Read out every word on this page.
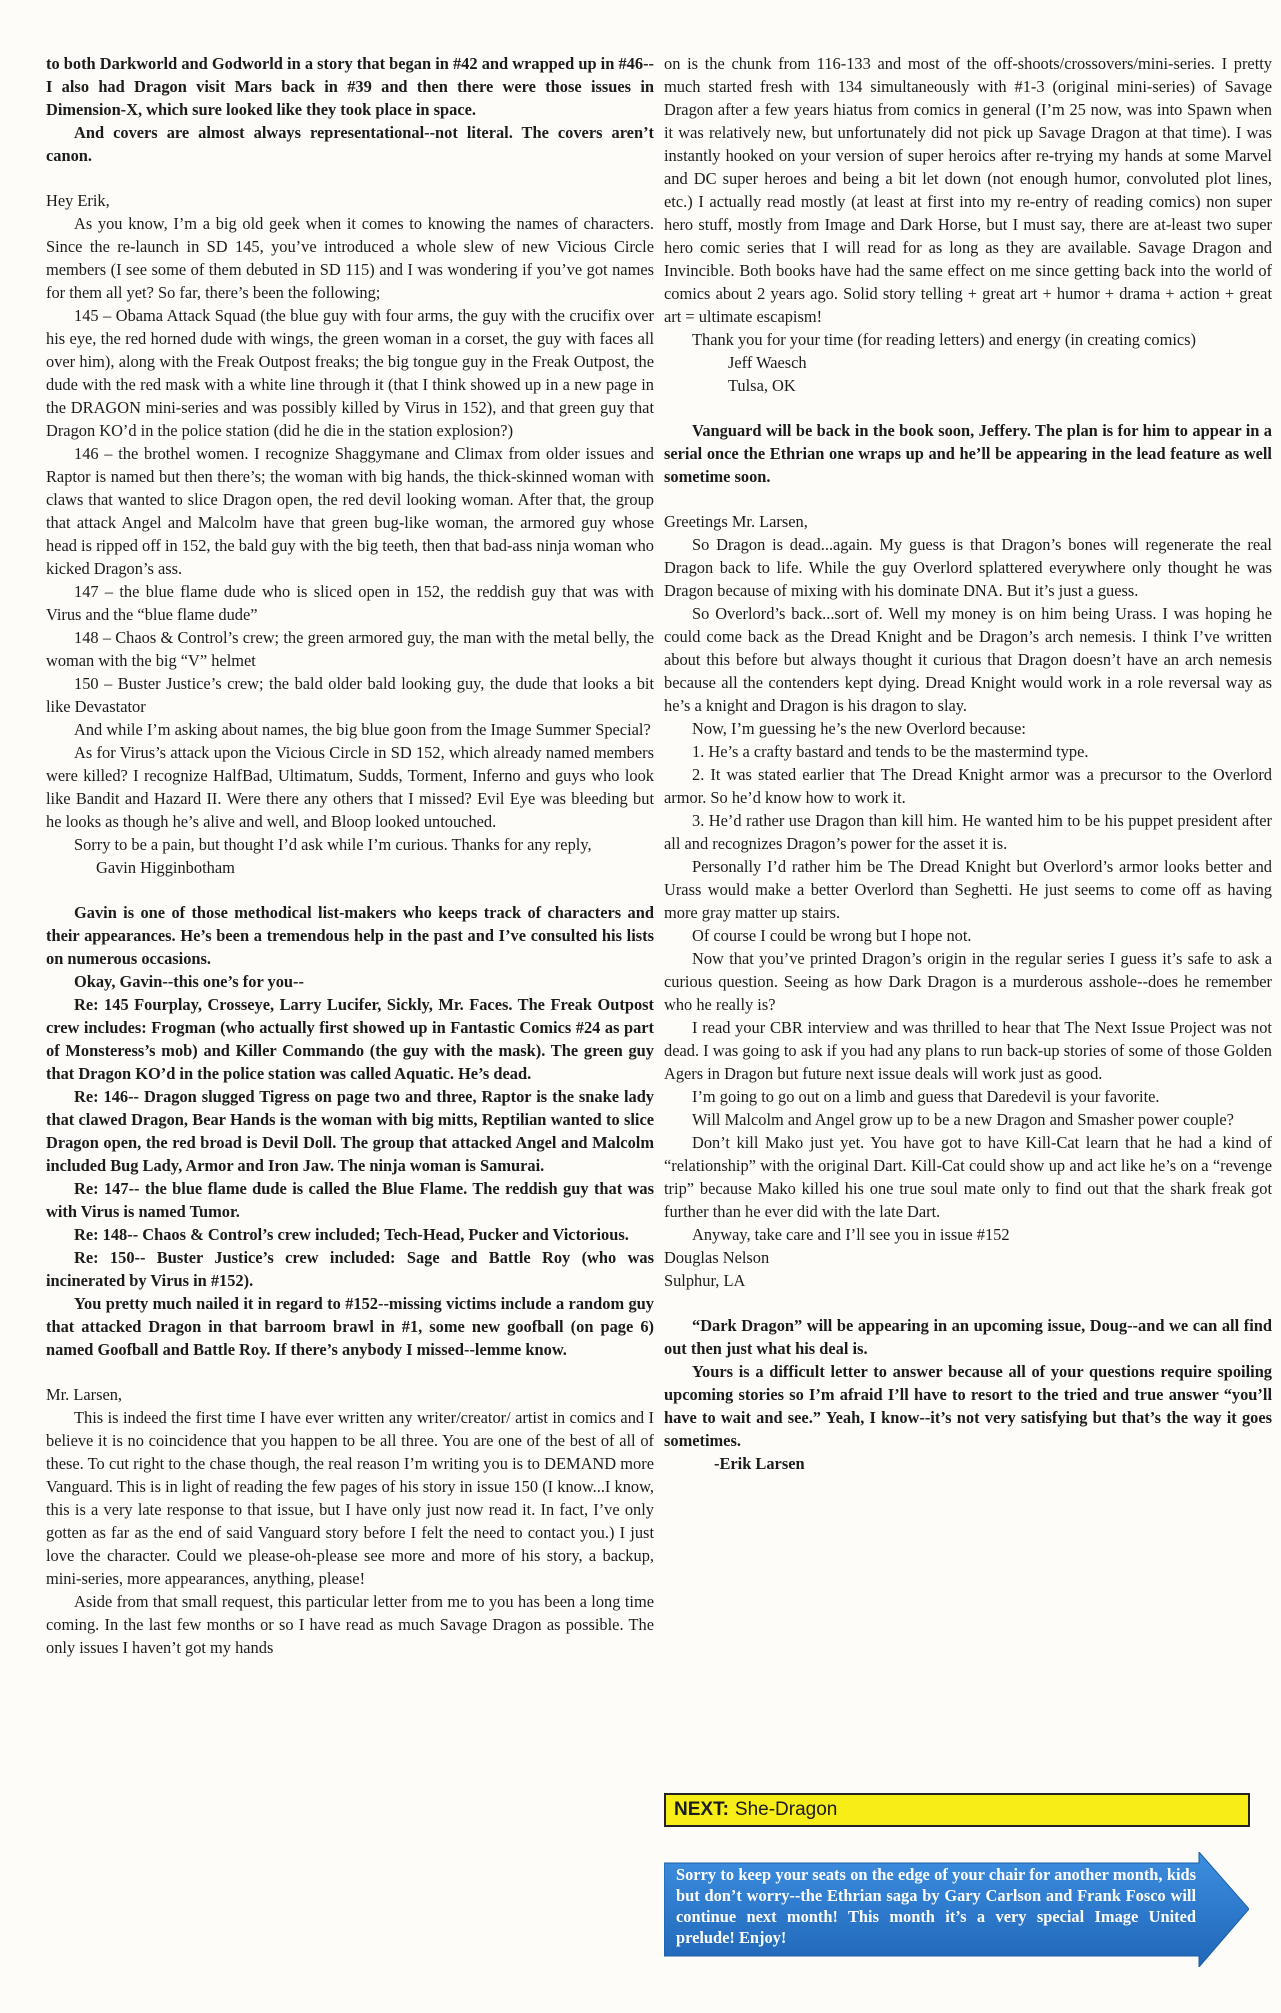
to both Darkworld and Godworld in a story that began in #42 and wrapped up in #46--I also had Dragon visit Mars back in #39 and then there were those issues in Dimension-X, which sure looked like they took place in space.

And covers are almost always representational--not literal. The covers aren’t canon.

Hey Erik,

As you know, I’m a big old geek when it comes to knowing the names of characters. Since the re-launch in SD 145, you’ve introduced a whole slew of new Vicious Circle members (I see some of them debuted in SD 115) and I was wondering if you’ve got names for them all yet? So far, there’s been the following;

145 – Obama Attack Squad (the blue guy with four arms, the guy with the crucifix over his eye, the red horned dude with wings, the green woman in a corset, the guy with faces all over him), along with the Freak Outpost freaks; the big tongue guy in the Freak Outpost, the dude with the red mask with a white line through it (that I think showed up in a new page in the DRAGON mini-series and was possibly killed by Virus in 152), and that green guy that Dragon KO’d in the police station (did he die in the station explosion?)

146 – the brothel women. I recognize Shaggymane and Climax from older issues and Raptor is named but then there’s; the woman with big hands, the thick-skinned woman with claws that wanted to slice Dragon open, the red devil looking woman. After that, the group that attack Angel and Malcolm have that green bug-like woman, the armored guy whose head is ripped off in 152, the bald guy with the big teeth, then that bad-ass ninja woman who kicked Dragon’s ass.

147 – the blue flame dude who is sliced open in 152, the reddish guy that was with Virus and the “blue flame dude”

148 – Chaos & Control’s crew; the green armored guy, the man with the metal belly, the woman with the big “V” helmet

150 – Buster Justice’s crew; the bald older bald looking guy, the dude that looks a bit like Devastator

And while I’m asking about names, the big blue goon from the Image Summer Special?

As for Virus’s attack upon the Vicious Circle in SD 152, which already named members were killed? I recognize HalfBad, Ultimatum, Sudds, Torment, Inferno and guys who look like Bandit and Hazard II. Were there any others that I missed? Evil Eye was bleeding but he looks as though he’s alive and well, and Bloop looked untouched.

Sorry to be a pain, but thought I’d ask while I’m curious. Thanks for any reply,

Gavin Higginbotham

Gavin is one of those methodical list-makers who keeps track of characters and their appearances. He’s been a tremendous help in the past and I’ve consulted his lists on numerous occasions.

Okay, Gavin--this one’s for you--

Re: 145 Fourplay, Crosseye, Larry Lucifer, Sickly, Mr. Faces. The Freak Outpost crew includes: Frogman (who actually first showed up in Fantastic Comics #24 as part of Monsteress’s mob) and Killer Commando (the guy with the mask). The green guy that Dragon KO’d in the police station was called Aquatic. He’s dead.

Re: 146-- Dragon slugged Tigress on page two and three, Raptor is the snake lady that clawed Dragon, Bear Hands is the woman with big mitts, Reptilian wanted to slice Dragon open, the red broad is Devil Doll. The group that attacked Angel and Malcolm included Bug Lady, Armor and Iron Jaw. The ninja woman is Samurai.

Re: 147-- the blue flame dude is called the Blue Flame. The reddish guy that was with Virus is named Tumor.

Re: 148-- Chaos & Control’s crew included; Tech-Head, Pucker and Victorious.

Re: 150-- Buster Justice’s crew included: Sage and Battle Roy (who was incinerated by Virus in #152).

You pretty much nailed it in regard to #152--missing victims include a random guy that attacked Dragon in that barroom brawl in #1, some new goofball (on page 6) named Goofball and Battle Roy. If there’s anybody I missed--lemme know.

Mr. Larsen,

This is indeed the first time I have ever written any writer/creator/ artist in comics and I believe it is no coincidence that you happen to be all three. You are one of the best of all of these. To cut right to the chase though, the real reason I’m writing you is to DEMAND more Vanguard. This is in light of reading the few pages of his story in issue 150 (I know...I know, this is a very late response to that issue, but I have only just now read it. In fact, I’ve only gotten as far as the end of said Vanguard story before I felt the need to contact you.) I just love the character. Could we please-oh-please see more and more of his story, a backup, mini-series, more appearances, anything, please!

Aside from that small request, this particular letter from me to you has been a long time coming. In the last few months or so I have read as much Savage Dragon as possible. The only issues I haven’t got my hands

on is the chunk from 116-133 and most of the off-shoots/crossovers/mini-series. I pretty much started fresh with 134 simultaneously with #1-3 (original mini-series) of Savage Dragon after a few years hiatus from comics in general (I’m 25 now, was into Spawn when it was relatively new, but unfortunately did not pick up Savage Dragon at that time). I was instantly hooked on your version of super heroics after re-trying my hands at some Marvel and DC super heroes and being a bit let down (not enough humor, convoluted plot lines, etc.) I actually read mostly (at least at first into my re-entry of reading comics) non super hero stuff, mostly from Image and Dark Horse, but I must say, there are at-least two super hero comic series that I will read for as long as they are available. Savage Dragon and Invincible. Both books have had the same effect on me since getting back into the world of comics about 2 years ago. Solid story telling + great art + humor + drama + action + great art = ultimate escapism!

Thank you for your time (for reading letters) and energy (in creating comics)

Jeff Waesch

Tulsa, OK

Vanguard will be back in the book soon, Jeffery. The plan is for him to appear in a serial once the Ethrian one wraps up and he’ll be appearing in the lead feature as well sometime soon.

Greetings Mr. Larsen,

So Dragon is dead...again. My guess is that Dragon’s bones will regenerate the real Dragon back to life. While the guy Overlord splattered everywhere only thought he was Dragon because of mixing with his dominate DNA. But it’s just a guess.

So Overlord’s back...sort of. Well my money is on him being Urass. I was hoping he could come back as the Dread Knight and be Dragon’s arch nemesis. I think I’ve written about this before but always thought it curious that Dragon doesn’t have an arch nemesis because all the contenders kept dying. Dread Knight would work in a role reversal way as he’s a knight and Dragon is his dragon to slay.

Now, I’m guessing he’s the new Overlord because:

1. He’s a crafty bastard and tends to be the mastermind type.

2. It was stated earlier that The Dread Knight armor was a precursor to the Overlord armor. So he’d know how to work it.

3. He’d rather use Dragon than kill him. He wanted him to be his puppet president after all and recognizes Dragon’s power for the asset it is.

Personally I’d rather him be The Dread Knight but Overlord’s armor looks better and Urass would make a better Overlord than Seghetti. He just seems to come off as having more gray matter up stairs.

Of course I could be wrong but I hope not.

Now that you’ve printed Dragon’s origin in the regular series I guess it’s safe to ask a curious question. Seeing as how Dark Dragon is a murderous asshole--does he remember who he really is?

I read your CBR interview and was thrilled to hear that The Next Issue Project was not dead. I was going to ask if you had any plans to run back-up stories of some of those Golden Agers in Dragon but future next issue deals will work just as good.

I’m going to go out on a limb and guess that Daredevil is your favorite.

Will Malcolm and Angel grow up to be a new Dragon and Smasher power couple?

Don’t kill Mako just yet. You have got to have Kill-Cat learn that he had a kind of “relationship” with the original Dart. Kill-Cat could show up and act like he’s on a “revenge trip” because Mako killed his one true soul mate only to find out that the shark freak got further than he ever did with the late Dart.

Anyway, take care and I’ll see you in issue #152

Douglas Nelson

Sulphur, LA

“Dark Dragon” will be appearing in an upcoming issue, Doug--and we can all find out then just what his deal is.

Yours is a difficult letter to answer because all of your questions require spoiling upcoming stories so I’m afraid I’ll have to resort to the tried and true answer “you’ll have to wait and see.” Yeah, I know--it’s not very satisfying but that’s the way it goes sometimes.

-Erik Larsen

NEXT: She-Dragon
Sorry to keep your seats on the edge of your chair for another month, kids but don’t worry--the Ethrian saga by Gary Carlson and Frank Fosco will continue next month! This month it’s a very special Image United prelude! Enjoy!
